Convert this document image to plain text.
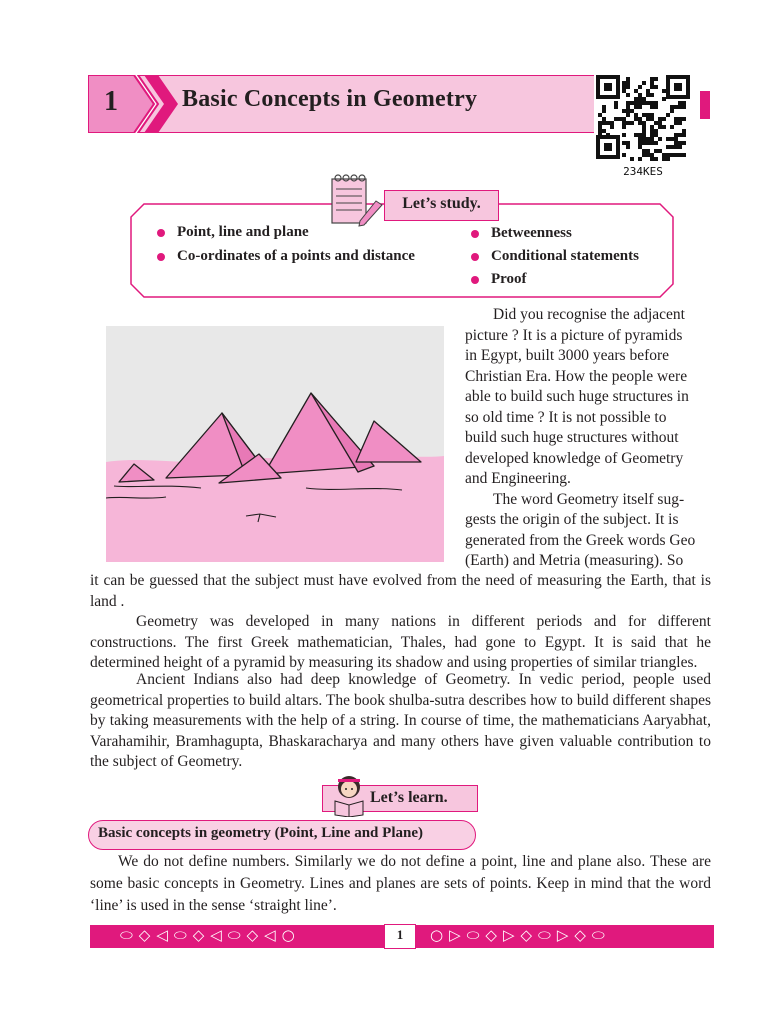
1	Basic Concepts in Geometry
234KES
Let’s study.
Point, line and plane
Co-ordinates of a points and distance
Betweenness
Conditional statements
Proof
Did you recognise the adjacent
picture ? It is a picture of pyramids
in Egypt, built 3000 years before
Christian Era. How the people were
able to build such huge structures in
so old time ? It is not possible to
build such huge structures without
developed knowledge of Geometry
and Engineering.
The word Geometry itself sug-
gests the origin of the subject. It is
generated from the Greek words Geo
(Earth) and Metria (measuring). So
it can be guessed that the subject must have evolved from the need of measuring the Earth, that is land .
Geometry was developed in many nations in different periods and for different constructions. The first Greek mathematician, Thales, had gone to Egypt. It is said that he determined height of a pyramid by measuring its shadow and using properties of similar triangles.
Ancient Indians also had deep knowledge of Geometry. In vedic period, people used geometrical properties to build altars. The book shulba-sutra describes how to build different shapes by taking measurements with the help of a string. In course of time, the mathematicians Aaryabhat, Varahamihir, Bramhagupta, Bhaskaracharya and many others have given valuable contribution to the subject of Geometry.
Let’s learn.
Basic concepts in geometry (Point, Line and Plane)
We do not define numbers. Similarly we do not define a point, line and plane also. These are some basic concepts in Geometry. Lines and planes are sets of points. Keep in mind that the word ‘line’ is used in the sense ‘straight line’.
⬭◇◁⬭◇◁⬭◇◁○	○▷⬭◇▷◇⬭▷◇⬭
1
